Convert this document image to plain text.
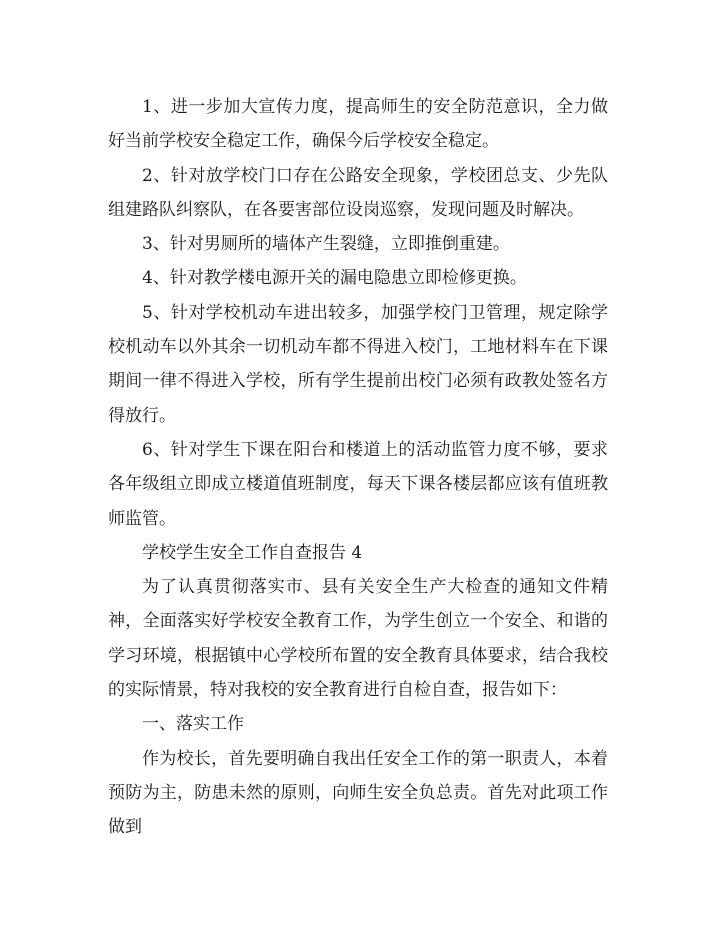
1、进一步加大宣传力度，提高师生的安全防范意识，全力做好当前学校安全稳定工作，确保今后学校安全稳定。

2、针对放学校门口存在公路安全现象，学校团总支、少先队组建路队纠察队，在各要害部位设岗巡察，发现问题及时解决。

3、针对男厕所的墙体产生裂缝，立即推倒重建。

4、针对教学楼电源开关的漏电隐患立即检修更换。

5、针对学校机动车进出较多，加强学校门卫管理，规定除学校机动车以外其余一切机动车都不得进入校门，工地材料车在下课期间一律不得进入学校，所有学生提前出校门必须有政教处签名方得放行。

6、针对学生下课在阳台和楼道上的活动监管力度不够，要求各年级组立即成立楼道值班制度，每天下课各楼层都应该有值班教师监管。

学校学生安全工作自查报告 4

为了认真贯彻落实市、县有关安全生产大检查的通知文件精神，全面落实好学校安全教育工作，为学生创立一个安全、和谐的学习环境，根据镇中心学校所布置的安全教育具体要求，结合我校的实际情景，特对我校的安全教育进行自检自查，报告如下：

一、落实工作

作为校长，首先要明确自我出任安全工作的第一职责人，本着预防为主，防患未然的原则，向师生安全负总责。首先对此项工作做到
